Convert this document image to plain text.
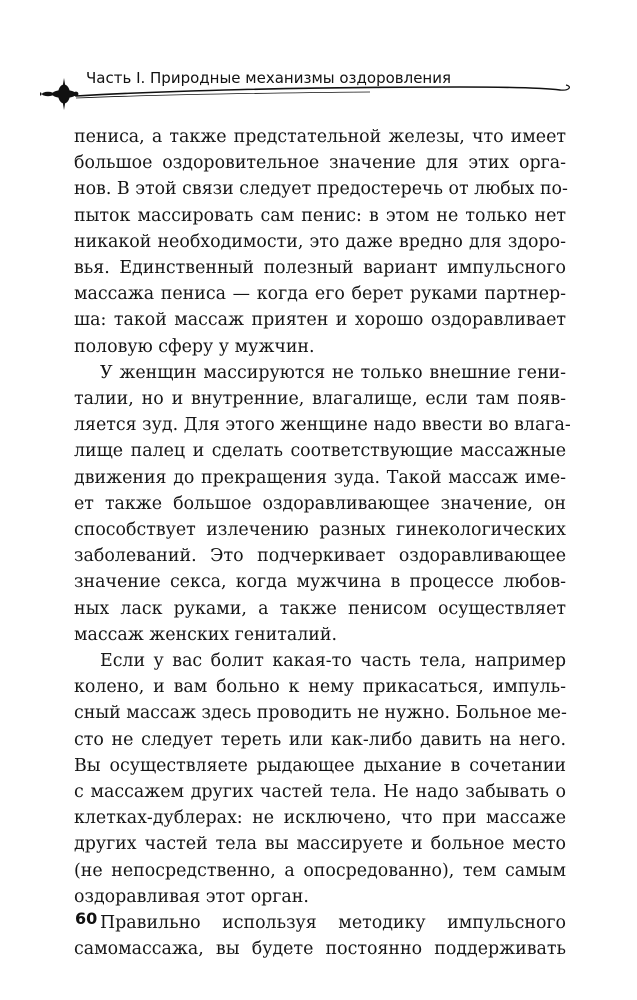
Часть I. Природные механизмы оздоровления

пениса, а также предстательной железы, что имеет
большое оздоровительное значение для этих орга-
нов. В этой связи следует предостеречь от любых по-
пыток массировать сам пенис: в этом не только нет
никакой необходимости, это даже вредно для здоро-
вья. Единственный полезный вариант импульсного
массажа пениса — когда его берет руками партнер-
ша: такой массаж приятен и хорошо оздоравливает
половую сферу у мужчин.

У женщин массируются не только внешние гени-
талии, но и внутренние, влагалище, если там появ-
ляется зуд. Для этого женщине надо ввести во влага-
лище палец и сделать соответствующие массажные
движения до прекращения зуда. Такой массаж име-
ет также большое оздоравливающее значение, он
способствует излечению разных гинекологических
заболеваний. Это подчеркивает оздоравливающее
значение секса, когда мужчина в процессе любов-
ных ласк руками, а также пенисом осуществляет
массаж женских гениталий.

Если у вас болит какая-то часть тела, например
колено, и вам больно к нему прикасаться, импуль-
сный массаж здесь проводить не нужно. Больное ме-
сто не следует тереть или как-либо давить на него.
Вы осуществляете рыдающее дыхание в сочетании
с массажем других частей тела. Не надо забывать о
клетках-дублерах: не исключено, что при массаже
других частей тела вы массируете и больное место
(не непосредственно, а опосредованно), тем самым
оздоравливая этот орган.

Правильно используя методику импульсного
самомассажа, вы будете постоянно поддерживать

60
